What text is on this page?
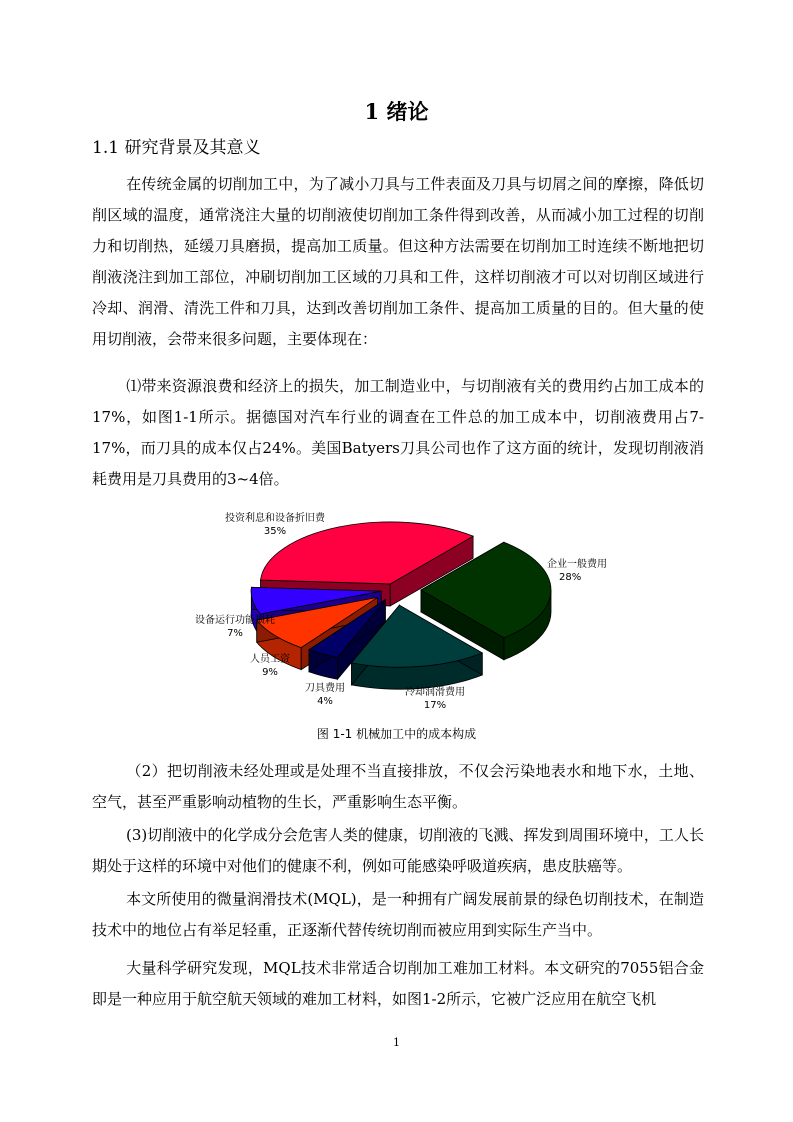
1 绪论
1.1 研究背景及其意义

在传统金属的切削加工中，为了减小刀具与工件表面及刀具与切屑之间的摩擦，降低切削区域的温度，通常浇注大量的切削液使切削加工条件得到改善，从而减小加工过程的切削力和切削热，延缓刀具磨损，提高加工质量。但这种方法需要在切削加工时连续不断地把切削液浇注到加工部位，冲刷切削加工区域的刀具和工件，这样切削液才可以对切削区域进行冷却、润滑、清洗工件和刀具，达到改善切削加工条件、提高加工质量的目的。但大量的使用切削液，会带来很多问题，主要体现在：

⑴带来资源浪费和经济上的损失，加工制造业中，与切削液有关的费用约占加工成本的17%，如图1-1所示。据德国对汽车行业的调查在工件总的加工成本中，切削液费用占7-17%，而刀具的成本仅占24%。美国Batyers刀具公司也作了这方面的统计，发现切削液消耗费用是刀具费用的3~4倍。

投资利息和设备折旧费
35%
企业一般费用
28%
冷却润滑费用
17%
刀具费用
4%
人员工资
9%
设备运行功能损耗
7%
图 1-1 机械加工中的成本构成

（2）把切削液未经处理或是处理不当直接排放，不仅会污染地表水和地下水，土地、空气，甚至严重影响动植物的生长，严重影响生态平衡。

(3)切削液中的化学成分会危害人类的健康，切削液的飞溅、挥发到周围环境中，工人长期处于这样的环境中对他们的健康不利，例如可能感染呼吸道疾病，患皮肤癌等。

本文所使用的微量润滑技术(MQL)，是一种拥有广阔发展前景的绿色切削技术，在制造技术中的地位占有举足轻重，正逐渐代替传统切削而被应用到实际生产当中。

大量科学研究发现，MQL技术非常适合切削加工难加工材料。本文研究的7055铝合金即是一种应用于航空航天领域的难加工材料，如图1-2所示，它被广泛应用在航空飞机

1
